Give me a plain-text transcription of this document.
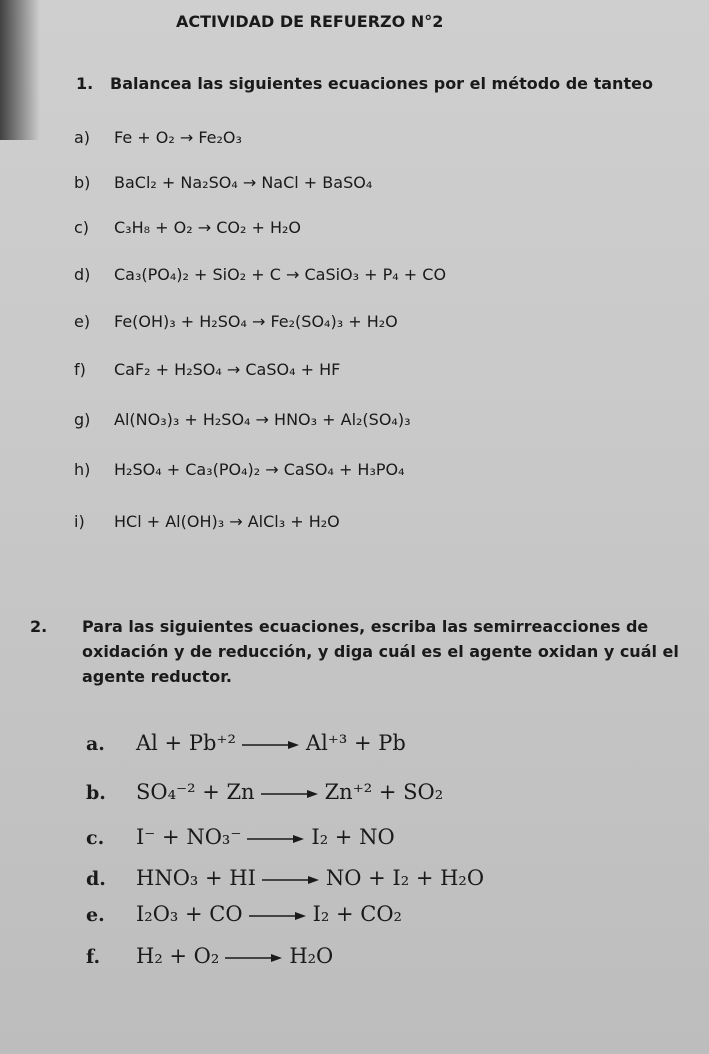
ACTIVIDAD DE REFUERZO N°2
1.	Balancea las siguientes ecuaciones por el método de tanteo
a) Fe + O₂ → Fe₂O₃
b) BaCl₂ + Na₂SO₄ → NaCl + BaSO₄
c) C₃H₈ + O₂ → CO₂ + H₂O
d) Ca₃(PO₄)₂ + SiO₂ + C → CaSiO₃ + P₄ + CO
e) Fe(OH)₃ + H₂SO₄ → Fe₂(SO₄)₃ + H₂O
f) CaF₂ + H₂SO₄ → CaSO₄ + HF
g) Al(NO₃)₃ + H₂SO₄ → HNO₃ + Al₂(SO₄)₃
h) H₂SO₄ + Ca₃(PO₄)₂ → CaSO₄ + H₃PO₄
i) HCl + Al(OH)₃ → AlCl₃ + H₂O
2.	Para las siguientes ecuaciones, escriba las semirreacciones de oxidación y de reducción, y diga cuál es el agente oxidan y cuál el agente reductor.
a. Al + Pb⁺² → Al⁺³ + Pb
b. SO₄⁻² + Zn → Zn⁺² + SO₂
c. I⁻ + NO₃⁻ → I₂ + NO
d. HNO₃ + HI → NO + I₂ + H₂O
e. I₂O₃ + CO → I₂ + CO₂
f. H₂ + O₂ → H₂O
